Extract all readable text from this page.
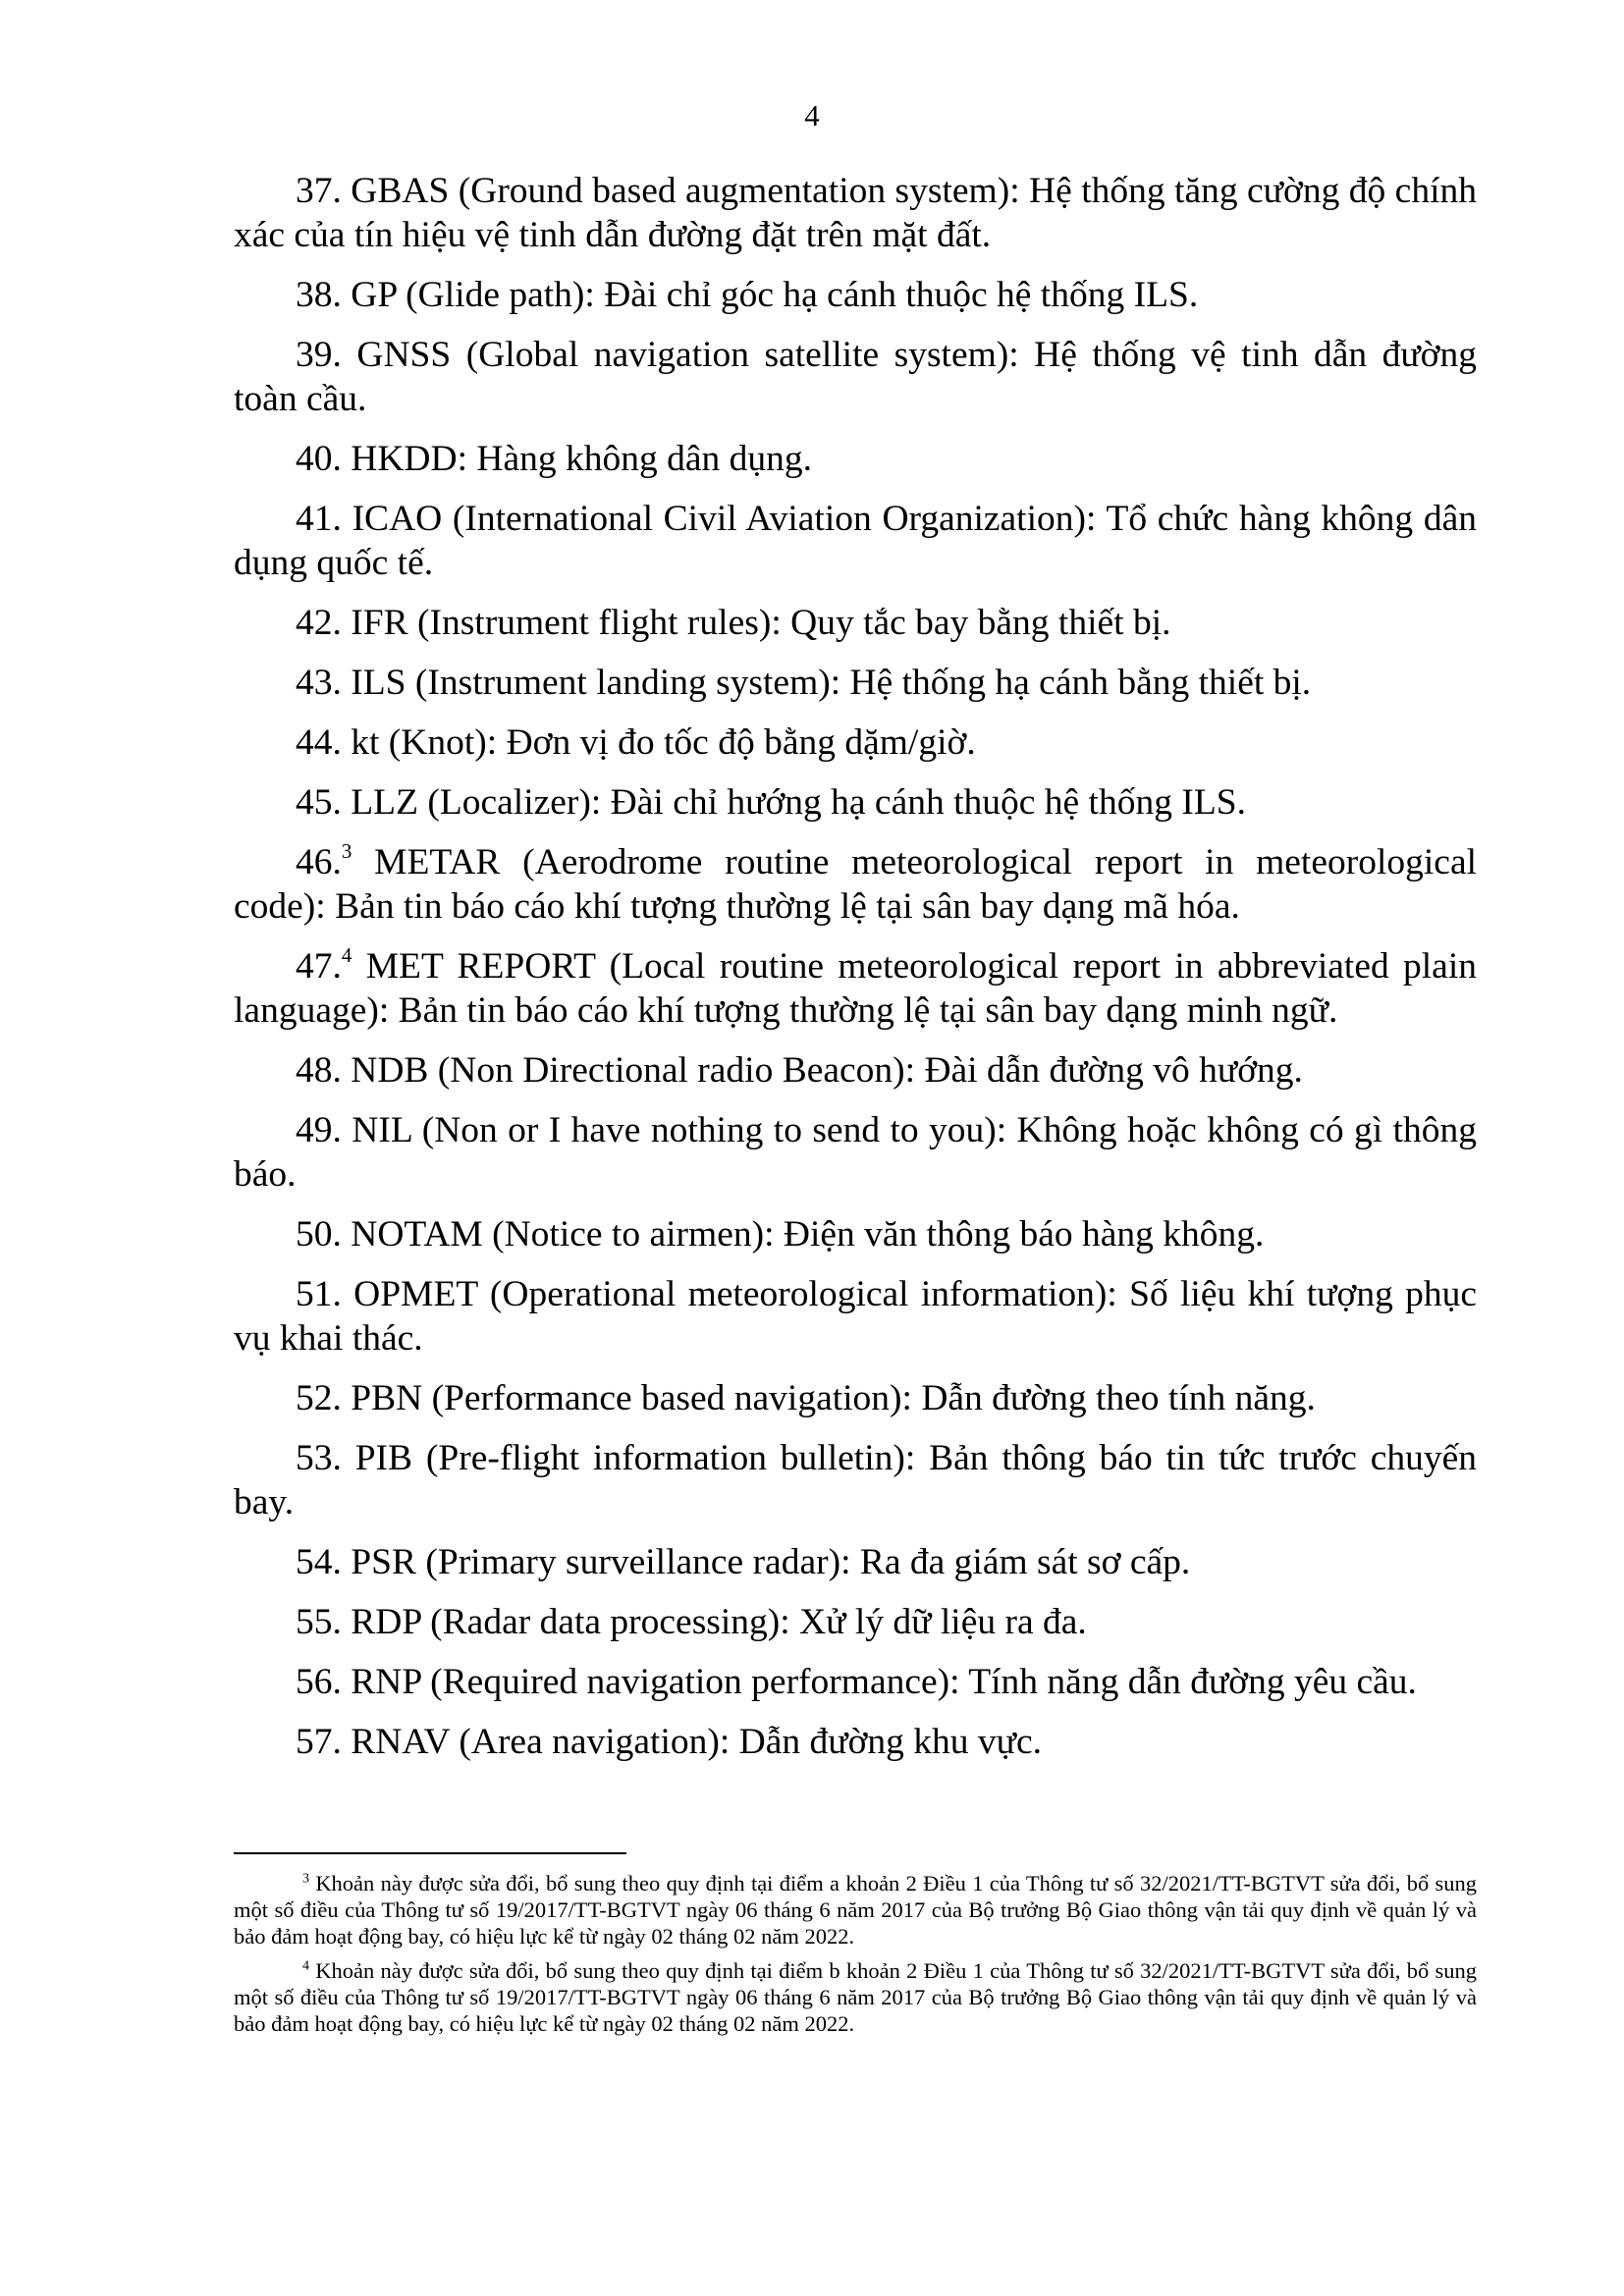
4

37. GBAS (Ground based augmentation system): Hệ thống tăng cường độ chính xác của tín hiệu vệ tinh dẫn đường đặt trên mặt đất.

38. GP (Glide path): Đài chỉ góc hạ cánh thuộc hệ thống ILS.

39. GNSS (Global navigation satellite system): Hệ thống vệ tinh dẫn đường toàn cầu.

40. HKDD: Hàng không dân dụng.

41. ICAO (International Civil Aviation Organization): Tổ chức hàng không dân dụng quốc tế.

42. IFR (Instrument flight rules): Quy tắc bay bằng thiết bị.

43. ILS (Instrument landing system): Hệ thống hạ cánh bằng thiết bị.

44. kt (Knot): Đơn vị đo tốc độ bằng dặm/giờ.

45. LLZ (Localizer): Đài chỉ hướng hạ cánh thuộc hệ thống ILS.

46.$^3$ METAR (Aerodrome routine meteorological report in meteorological code): Bản tin báo cáo khí tượng thường lệ tại sân bay dạng mã hóa.

47.$^4$ MET REPORT (Local routine meteorological report in abbreviated plain language): Bản tin báo cáo khí tượng thường lệ tại sân bay dạng minh ngữ.

48. NDB (Non Directional radio Beacon): Đài dẫn đường vô hướng.

49. NIL (Non or I have nothing to send to you): Không hoặc không có gì thông báo.

50. NOTAM (Notice to airmen): Điện văn thông báo hàng không.

51. OPMET (Operational meteorological information): Số liệu khí tượng phục vụ khai thác.

52. PBN (Performance based navigation): Dẫn đường theo tính năng.

53. PIB (Pre-flight information bulletin): Bản thông báo tin tức trước chuyến bay.

54. PSR (Primary surveillance radar): Ra đa giám sát sơ cấp.

55. RDP (Radar data processing): Xử lý dữ liệu ra đa.

56. RNP (Required navigation performance): Tính năng dẫn đường yêu cầu.

57. RNAV (Area navigation): Dẫn đường khu vực.

$^3$ Khoản này được sửa đổi, bổ sung theo quy định tại điểm a khoản 2 Điều 1 của Thông tư số 32/2021/TT-BGTVT sửa đổi, bổ sung một số điều của Thông tư số 19/2017/TT-BGTVT ngày 06 tháng 6 năm 2017 của Bộ trưởng Bộ Giao thông vận tải quy định về quản lý và bảo đảm hoạt động bay, có hiệu lực kể từ ngày 02 tháng 02 năm 2022.

$^4$ Khoản này được sửa đổi, bổ sung theo quy định tại điểm b khoản 2 Điều 1 của Thông tư số 32/2021/TT-BGTVT sửa đổi, bổ sung một số điều của Thông tư số 19/2017/TT-BGTVT ngày 06 tháng 6 năm 2017 của Bộ trưởng Bộ Giao thông vận tải quy định về quản lý và bảo đảm hoạt động bay, có hiệu lực kể từ ngày 02 tháng 02 năm 2022.
